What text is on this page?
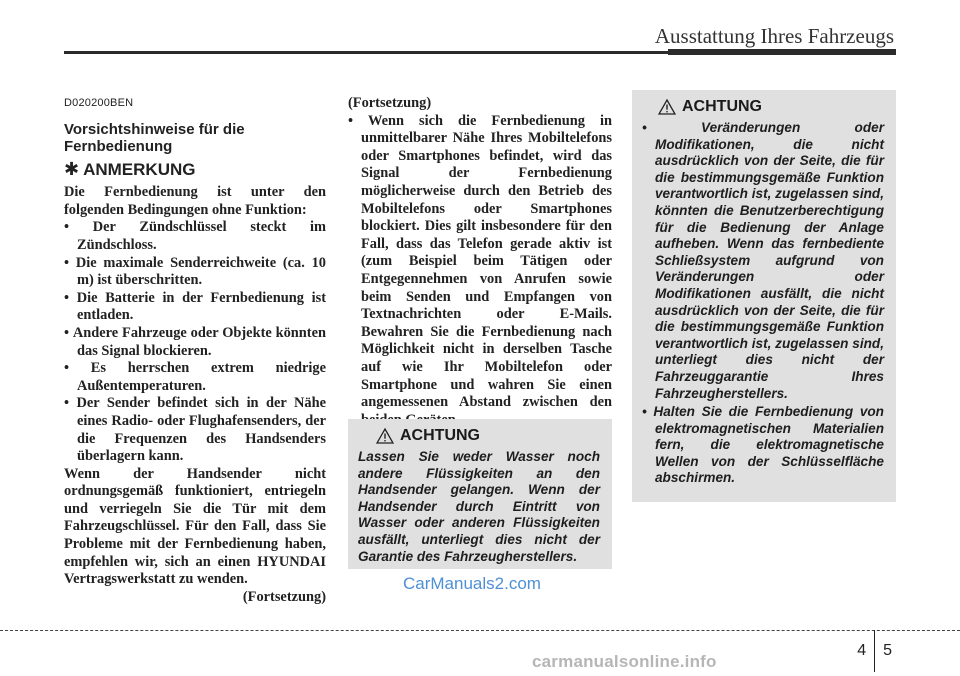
Ausstattung Ihres Fahrzeugs
D020200BEN
Vorsichtshinweise für die Fernbedienung
✱ ANMERKUNG

Die Fernbedienung ist unter den folgenden Bedingungen ohne Funktion:

• Der Zündschlüssel steckt im Zündschloss.
• Die maximale Senderreichweite (ca. 10 m) ist überschritten.
• Die Batterie in der Fernbedienung ist entladen.
• Andere Fahrzeuge oder Objekte könnten das Signal blockieren.
• Es herrschen extrem niedrige Außentemperaturen.
• Der Sender befindet sich in der Nähe eines Radio- oder Flughafensenders, der die Frequenzen des Handsenders überlagern kann.

Wenn der Handsender nicht ordnungsgemäß funktioniert, entriegeln und verriegeln Sie die Tür mit dem Fahrzeugschlüssel. Für den Fall, dass Sie Probleme mit der Fernbedienung haben, empfehlen wir, sich an einen HYUNDAI Vertragswerkstatt zu wenden.

(Fortsetzung)
(Fortsetzung)
• Wenn sich die Fernbedienung in unmittelbarer Nähe Ihres Mobiltelefons oder Smartphones befindet, wird das Signal der Fernbedienung möglicherweise durch den Betrieb des Mobiltelefons oder Smartphones blockiert. Dies gilt insbesondere für den Fall, dass das Telefon gerade aktiv ist (zum Beispiel beim Tätigen oder Entgegennehmen von Anrufen sowie beim Senden und Empfangen von Textnachrichten oder E-Mails. Bewahren Sie die Fernbedienung nach Möglichkeit nicht in derselben Tasche auf wie Ihr Mobiltelefon oder Smartphone und wahren Sie einen angemessenen Abstand zwischen den
ACHTUNG
Lassen Sie weder Wasser noch andere Flüssigkeiten an den Handsender gelangen. Wenn der Handsender durch Eintritt von Wasser oder anderen Flüssigkeiten ausfällt, unterliegt dies nicht der Garantie des Fahrzeugherstellers.
ACHTUNG
• Veränderungen oder Modifikationen, die nicht ausdrücklich von der Seite, die für die bestimmungsgemäße Funktion verantwortlich ist, zugelassen sind, könnten die Benutzerberechtigung für die Bedienung der Anlage aufheben. Wenn das fernbediente Schließsystem aufgrund von Veränderungen oder Modifikationen ausfällt, die nicht ausdrücklich von der Seite, die für die bestimmungsgemäße Funktion verantwortlich ist, zugelassen sind, unterliegt dies nicht der Fahrzeuggarantie Ihres Fahrzeugherstellers.
• Halten Sie die Fernbedienung von elektromagnetischen Materialien fern, die elektromagnetische Wellen von der Schlüsselfläche abschirmen.
CarManuals2.com
4 5
carmanualsonline.info
